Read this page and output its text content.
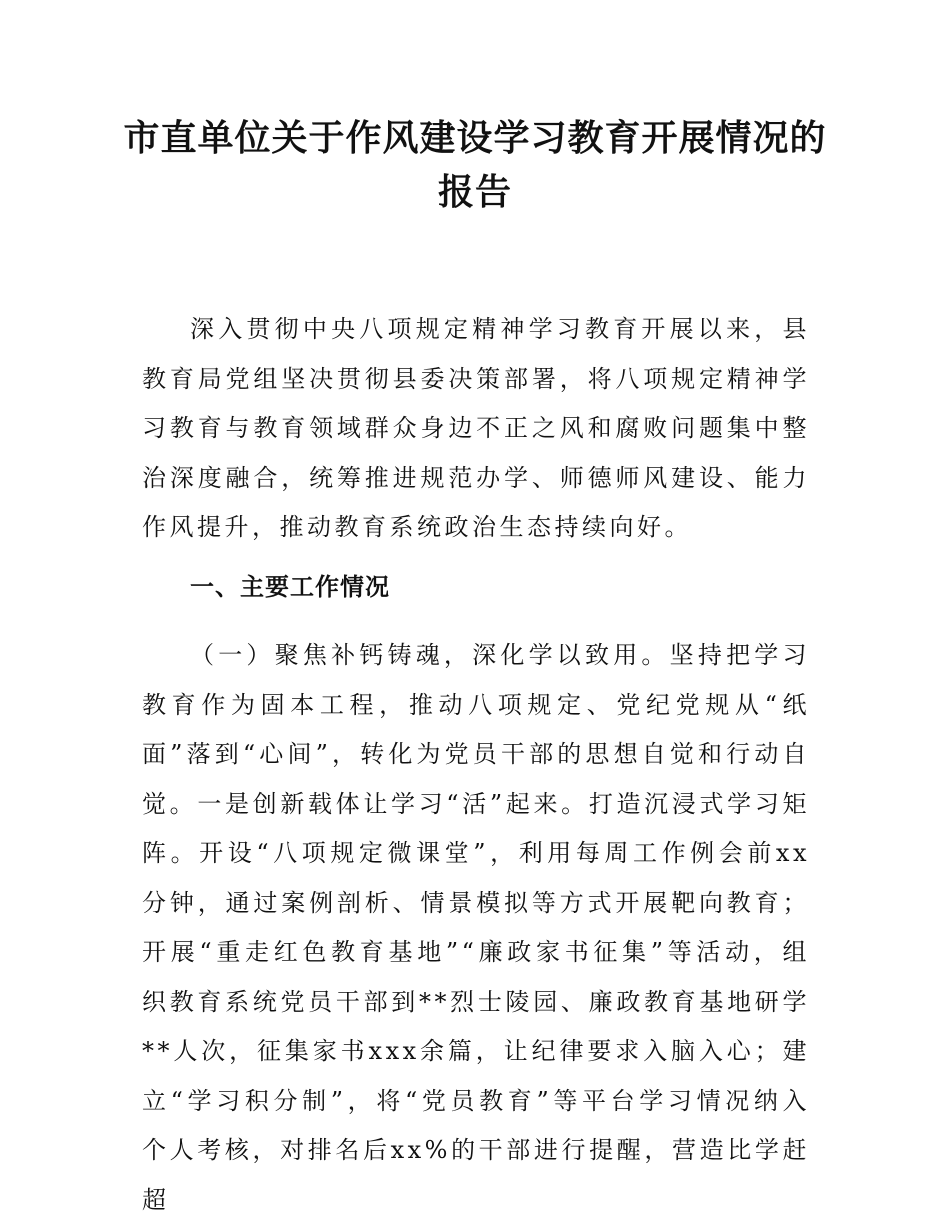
市直单位关于作风建设学习教育开展情况的报告

深入贯彻中央八项规定精神学习教育开展以来，县教育局党组坚决贯彻县委决策部署，将八项规定精神学习教育与教育领域群众身边不正之风和腐败问题集中整治深度融合，统筹推进规范办学、师德师风建设、能力作风提升，推动教育系统政治生态持续向好。

一、主要工作情况

（一）聚焦补钙铸魂，深化学以致用。坚持把学习教育作为固本工程，推动八项规定、党纪党规从“纸面”落到“心间”，转化为党员干部的思想自觉和行动自觉。一是创新载体让学习“活”起来。打造沉浸式学习矩阵。开设“八项规定微课堂”，利用每周工作例会前xx分钟，通过案例剖析、情景模拟等方式开展靶向教育；开展“重走红色教育基地”“廉政家书征集”等活动，组织教育系统党员干部到**烈士陵园、廉政教育基地研学**人次，征集家书xxx余篇，让纪律要求入脑入心；建立“学习积分制”，将“党员教育”等平台学习情况纳入个人考核，对排名后xx%的干部进行提醒，营造比学赶超
